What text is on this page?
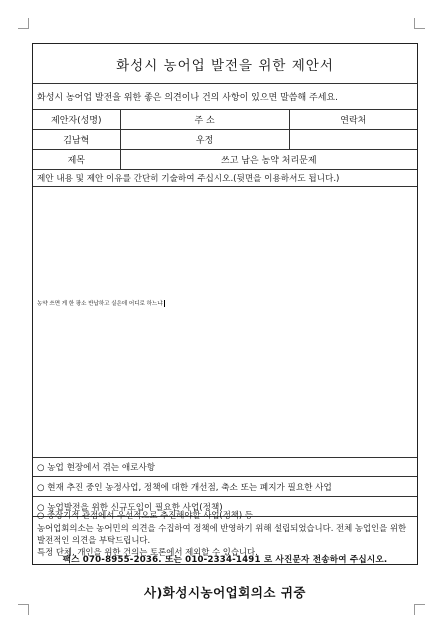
화성시 농어업 발전을 위한 제안서
화성시 농어업 발전을 위한 좋은 의견이나 건의 사항이 있으면 말씀해 주세요.
제안자(성명)	주 소	연락처
김남혁	우정
제목	쓰고 남은 농약 처리문제
제안 내용 및 제안 이유를 간단히 기술하여 주십시오.(뒷면을 이용하셔도 됩니다.)
농약 쓰면 게 한 팡소 반납하고 실은데 어디로 하느냐
○ 농업 현장에서 겪는 애로사항
○ 현재 추진 중인 농정사업, 정책에 대한 개선점, 축소 또는 폐지가 필요한 사업
○ 농업발전을 위한 신규도입이 필요한 사업(정책)

○ 중장기적 관점에서 우선적으로 추진해야할 사업(정책) 등

농어업회의소는 농어민의 의견을 수집하여 정책에 반영하기 위해 설립되었습니다. 전체 농업인을 위한 발전적인 의견을 부탁드립니다.

특정 단체, 개인을 위한 건의는 토론에서 제외할 수 있습니다.

팩스 070-8955-2036. 또는 010-2334-1491 로 사진문자 전송하여 주십시오.
사)화성시농어업회의소 귀중
